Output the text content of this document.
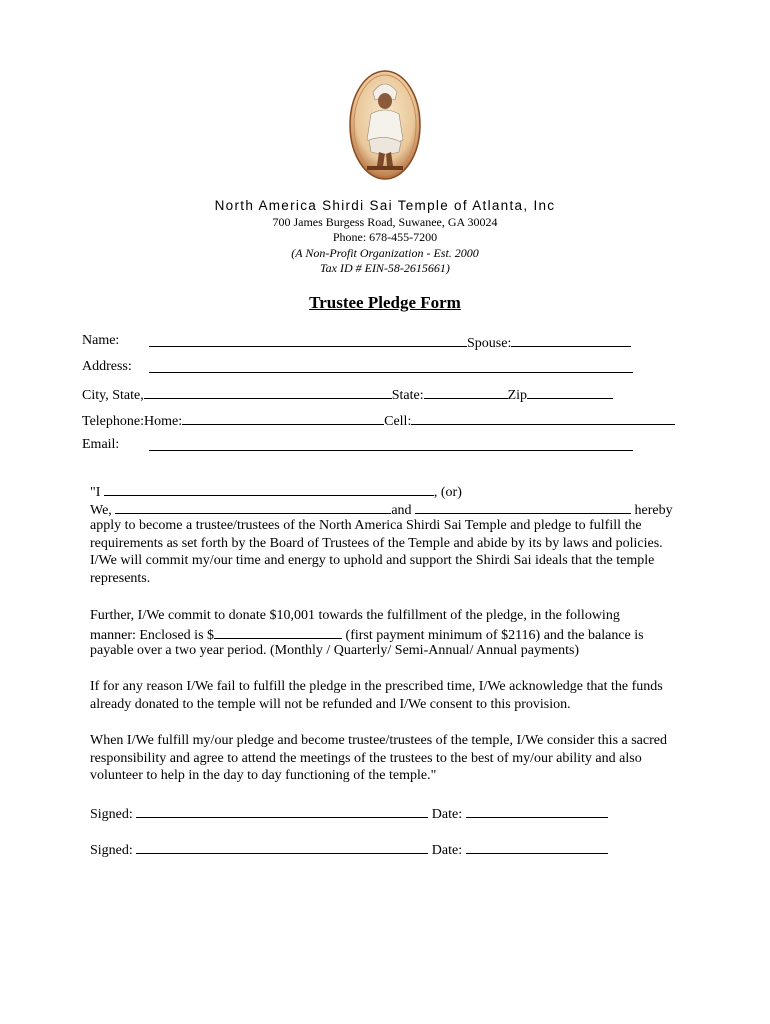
North America Shirdi Sai Temple of Atlanta, Inc
700 James Burgess Road, Suwanee, GA 30024
Phone: 678-455-7200
(A Non-Profit Organization - Est. 2000
Tax ID # EIN-58-2615661)
Trustee Pledge Form
Name:	Spouse:
Address:
City, State,	State:	Zip
Telephone:Home:	Cell:
Email:
"I	, (or)
We,	and	hereby
apply to become a trustee/trustees of the North America Shirdi Sai Temple and pledge to fulfill the requirements as set forth by the Board of Trustees of the Temple and abide by its by laws and policies. I/We will commit my/our time and energy to uphold and support the Shirdi Sai ideals that the temple represents.
Further, I/We commit to donate $10,001 towards the fulfillment of the pledge, in the following
manner: Enclosed is $	(first payment minimum of $2116) and the balance is
payable over a two year period. (Monthly / Quarterly/ Semi-Annual/ Annual payments)
If for any reason I/We fail to fulfill the pledge in the prescribed time, I/We acknowledge that the funds already donated to the temple will not be refunded and I/We consent to this provision.
When I/We fulfill my/our pledge and become trustee/trustees of the temple, I/We consider this a sacred responsibility and agree to attend the meetings of the trustees to the best of my/our ability and also volunteer to help in the day to day functioning of the temple."
Signed:	Date:
Signed:	Date:
